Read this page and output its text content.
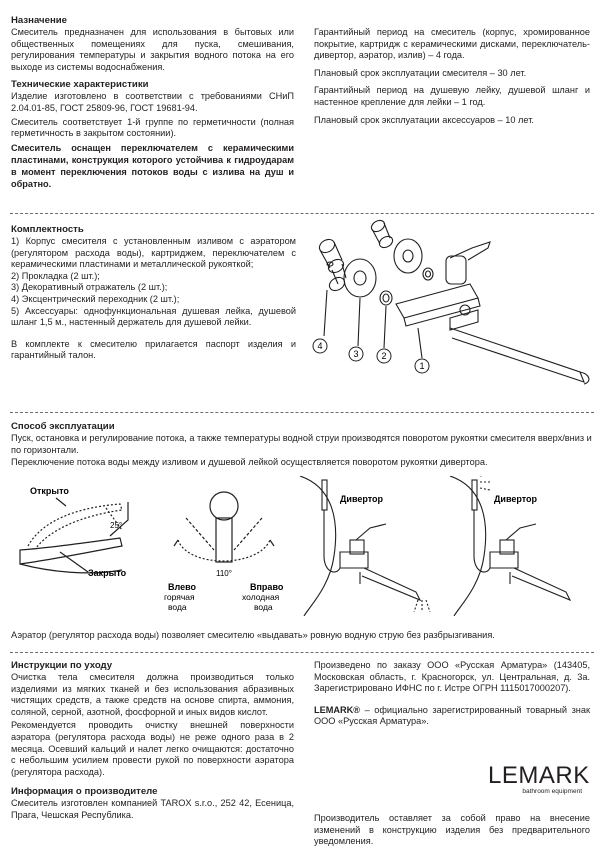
Назначение

Смеситель предназначен для использования в бытовых или общественных помещениях для пуска, смешивания, регулирования температуры и закрытия водного потока на его выходе из системы водоснабжения.

Технические характеристики

Изделие изготовлено в соответствии с требованиями СНиП 2.04.01-85, ГОСТ 25809-96, ГОСТ 19681-94.

Смеситель соответствует 1-й группе по герметичности (полная герметичность в закрытом состоянии).

Смеситель оснащен переключателем с керамическими пластинами, конструкция которого устойчива к гидроударам в момент переключения потоков воды с излива на душ и обратно.

Гарантийный период на смеситель (корпус, хромированное покрытие, картридж с керамическими дисками, переключатель-дивертор, аэратор, излив) – 4 года.

Плановый срок эксплуатации смесителя – 30 лет.

Гарантийный период на душевую лейку, душевой шланг и настенное крепление для лейки – 1 год.

Плановый срок эксплуатации аксессуаров – 10 лет.

Комплектность

1) Корпус смесителя с установленным изливом с аэратором (регулятором расхода воды), картриджем, переключателем с керамическими пластинами и металлической рукояткой;

2) Прокладка (2 шт.);

3) Декоративный отражатель (2 шт.);

4) Эксцентрический переходник (2 шт.);

5) Аксессуары: однофункциональная душевая лейка, душевой шланг 1,5 м., настенный держатель для душевой лейки.

В комплекте к смесителю прилагается паспорт изделия и гарантийный талон.

4
3	2
1
Способ эксплуатации

Пуск, остановка и регулирование потока, а также температуры водной струи производятся поворотом рукоятки смесителя вверх/вниз и по горизонтали.

Переключение потока воды между изливом и душевой лейкой осуществляется поворотом рукоятки дивертора.

Открыто
25°
Закрыто	110°
Влево
горячая
вода
Вправо
холодная
вода
Дивертор	Дивертор

Аэратор (регулятор расхода воды) позволяет смесителю «выдавать» ровную водную струю без разбрызгивания.

Инструкции по уходу

Очистка тела смесителя должна производиться только изделиями из мягких тканей и без использования абразивных чистящих средств, а также средств на основе спирта, аммония, соляной, серной, азотной, фосфорной и иных видов кислот.

Рекомендуется проводить очистку внешней поверхности аэратора (регулятора расхода воды) не реже одного раза в 2 месяца. Осевший кальций и налет легко очищаются: достаточно с небольшим усилием провести рукой по поверхности аэратора (регулятора расхода).

Информация о производителе

Смеситель изготовлен компанией TAROX s.r.o., 252 42, Есеница, Прага, Чешская Республика.

Произведено по заказу ООО «Русская Арматура» (143405, Московская область, г. Красногорск, ул. Центральная, д. 3а. Зарегистрировано ИФНС по г. Истре ОГРН 1115017000207).

LEMARK® – официально зарегистрированный товарный знак ООО «Русская Арматура».

LEMARK
bathroom equipment

Производитель оставляет за собой право на внесение изменений в конструкцию изделия без предварительного уведомления.
